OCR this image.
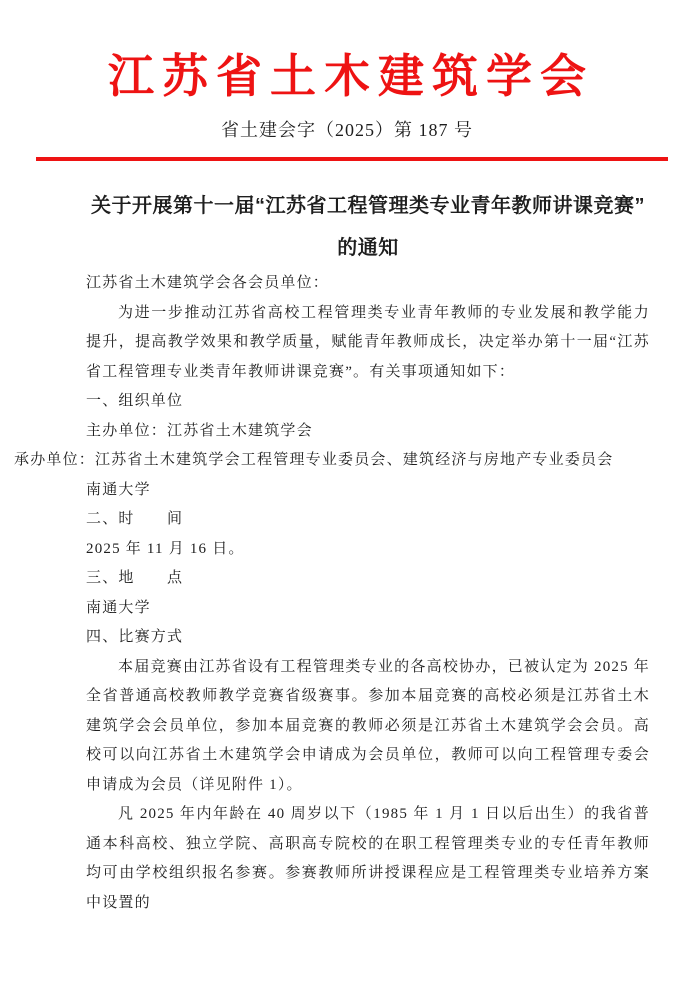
江苏省土木建筑学会
省土建会字（2025）第 187 号
关于开展第十一届“江苏省工程管理类专业青年教师讲课竞赛”
的通知
江苏省土木建筑学会各会员单位：

为进一步推动江苏省高校工程管理类专业青年教师的专业发展和教学能力提升，提高教学效果和教学质量，赋能青年教师成长，决定举办第十一届“江苏省工程管理专业类青年教师讲课竞赛”。有关事项通知如下：

一、组织单位
主办单位：江苏省土木建筑学会
承办单位：江苏省土木建筑学会工程管理专业委员会、建筑经济与房地产专业委员会
南通大学
二、时　　间
2025 年 11 月 16 日。
三、地　　点
南通大学
四、比赛方式

本届竞赛由江苏省设有工程管理类专业的各高校协办，已被认定为 2025 年全省普通高校教师教学竞赛省级赛事。参加本届竞赛的高校必须是江苏省土木建筑学会会员单位，参加本届竞赛的教师必须是江苏省土木建筑学会会员。高校可以向江苏省土木建筑学会申请成为会员单位，教师可以向工程管理专委会申请成为会员（详见附件 1）。

凡 2025 年内年龄在 40 周岁以下（1985 年 1 月 1 日以后出生）的我省普通本科高校、独立学院、高职高专院校的在职工程管理类专业的专任青年教师均可由学校组织报名参赛。参赛教师所讲授课程应是工程管理类专业培养方案中设置的
